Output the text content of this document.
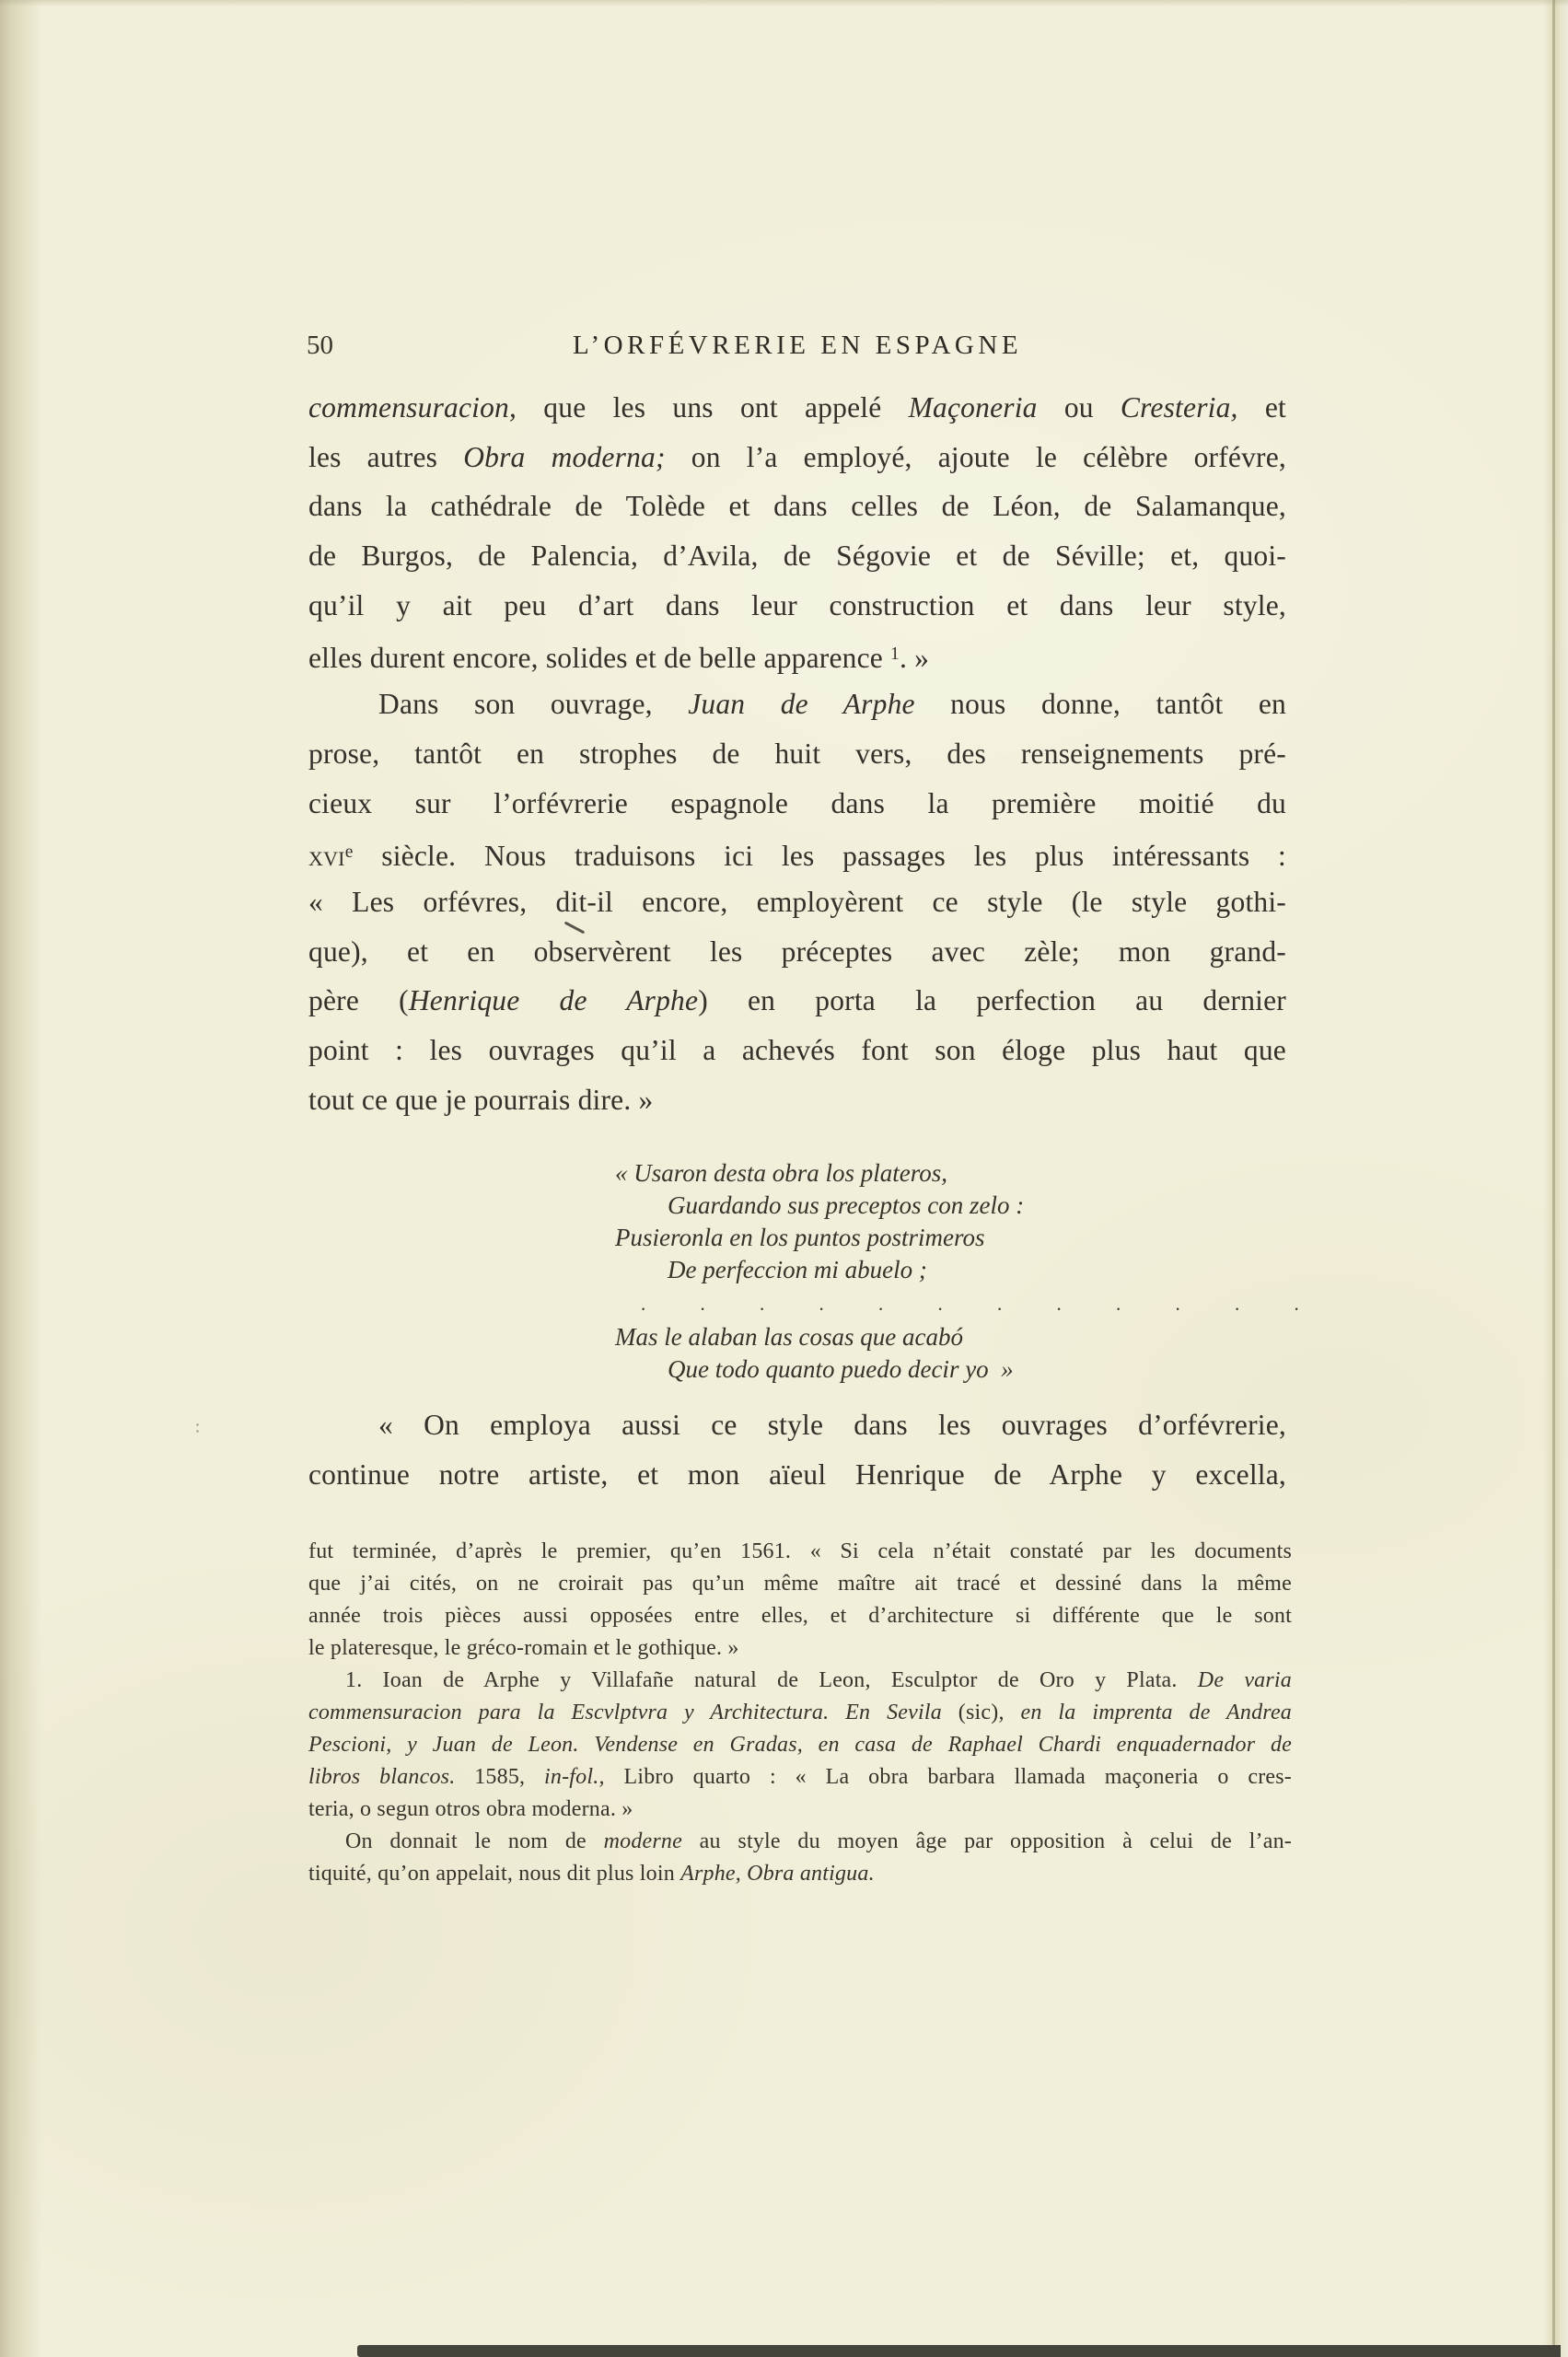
50	L’ORFÉVRERIE EN ESPAGNE
commensuracion, que les uns ont appelé Maçoneria ou Cresteria, et
les autres Obra moderna; on l’a employé, ajoute le célèbre orfévre,
dans la cathédrale de Tolède et dans celles de Léon, de Salamanque,
de Burgos, de Palencia, d’Avila, de Ségovie et de Séville; et, quoi-
qu’il y ait peu d’art dans leur construction et dans leur style,
elles durent encore, solides et de belle apparence $^1$. »
Dans son ouvrage, Juan de Arphe nous donne, tantôt en
prose, tantôt en strophes de huit vers, des renseignements pré-
cieux sur l’orfévrerie espagnole dans la première moitié du
xvi$^e$ siècle. Nous traduisons ici les passages les plus intéressants :
« Les orfévres, dit-il encore, employèrent ce style (le style gothi-
que), et en observèrent les préceptes avec zèle; mon grand-
père (Henrique de Arphe) en porta la perfection au dernier
point : les ouvrages qu’il a achevés font son éloge plus haut que
tout ce que je pourrais dire. »
« Usaron desta obra los plateros,
Guardando sus preceptos con zelo :
Pusieronla en los puntos postrimeros
De perfeccion mi abuelo ;
. . . . . . . . . . . .
Mas le alaban las cosas que acabó
Que todo quanto puedo decir yo  »
« On employa aussi ce style dans les ouvrages d’orfévrerie,
continue notre artiste, et mon aïeul Henrique de Arphe y excella,
fut terminée, d’après le premier, qu’en 1561. « Si cela n’était constaté par les documents
que j’ai cités, on ne croirait pas qu’un même maître ait tracé et dessiné dans la même
année trois pièces aussi opposées entre elles, et d’architecture si différente que le sont
le plateresque, le gréco-romain et le gothique. »
1. Ioan de Arphe y Villafañe natural de Leon, Esculptor de Oro y Plata. De varia
commensuracion para la Escvlptvra y Architectura. En Sevila (sic), en la imprenta de Andrea
Pescioni, y Juan de Leon. Vendense en Gradas, en casa de Raphael Chardi enquadernador de
libros blancos. 1585, in-fol., Libro quarto : « La obra barbara llamada maçoneria o cres-
teria, o segun otros obra moderna. »
On donnait le nom de moderne au style du moyen âge par opposition à celui de l’an-
tiquité, qu’on appelait, nous dit plus loin Arphe, Obra antigua.
